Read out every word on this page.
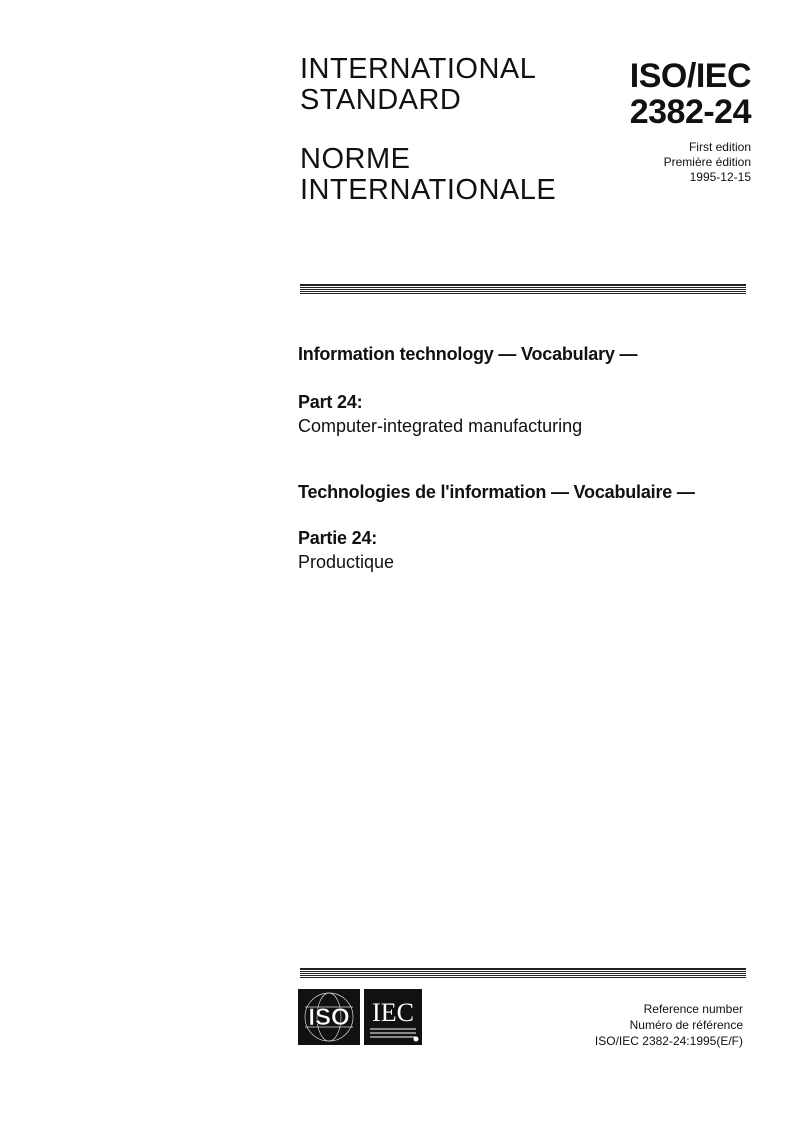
INTERNATIONAL
STANDARD
NORME
INTERNATIONALE
ISO/IEC
2382-24
First edition
Première édition
1995-12-15
Information technology — Vocabulary —
Part 24:
Computer-integrated manufacturing
Technologies de l'information — Vocabulaire —
Partie 24:
Productique
ISO IEC	Reference number
Numéro de référence
ISO/IEC 2382-24:1995(E/F)
